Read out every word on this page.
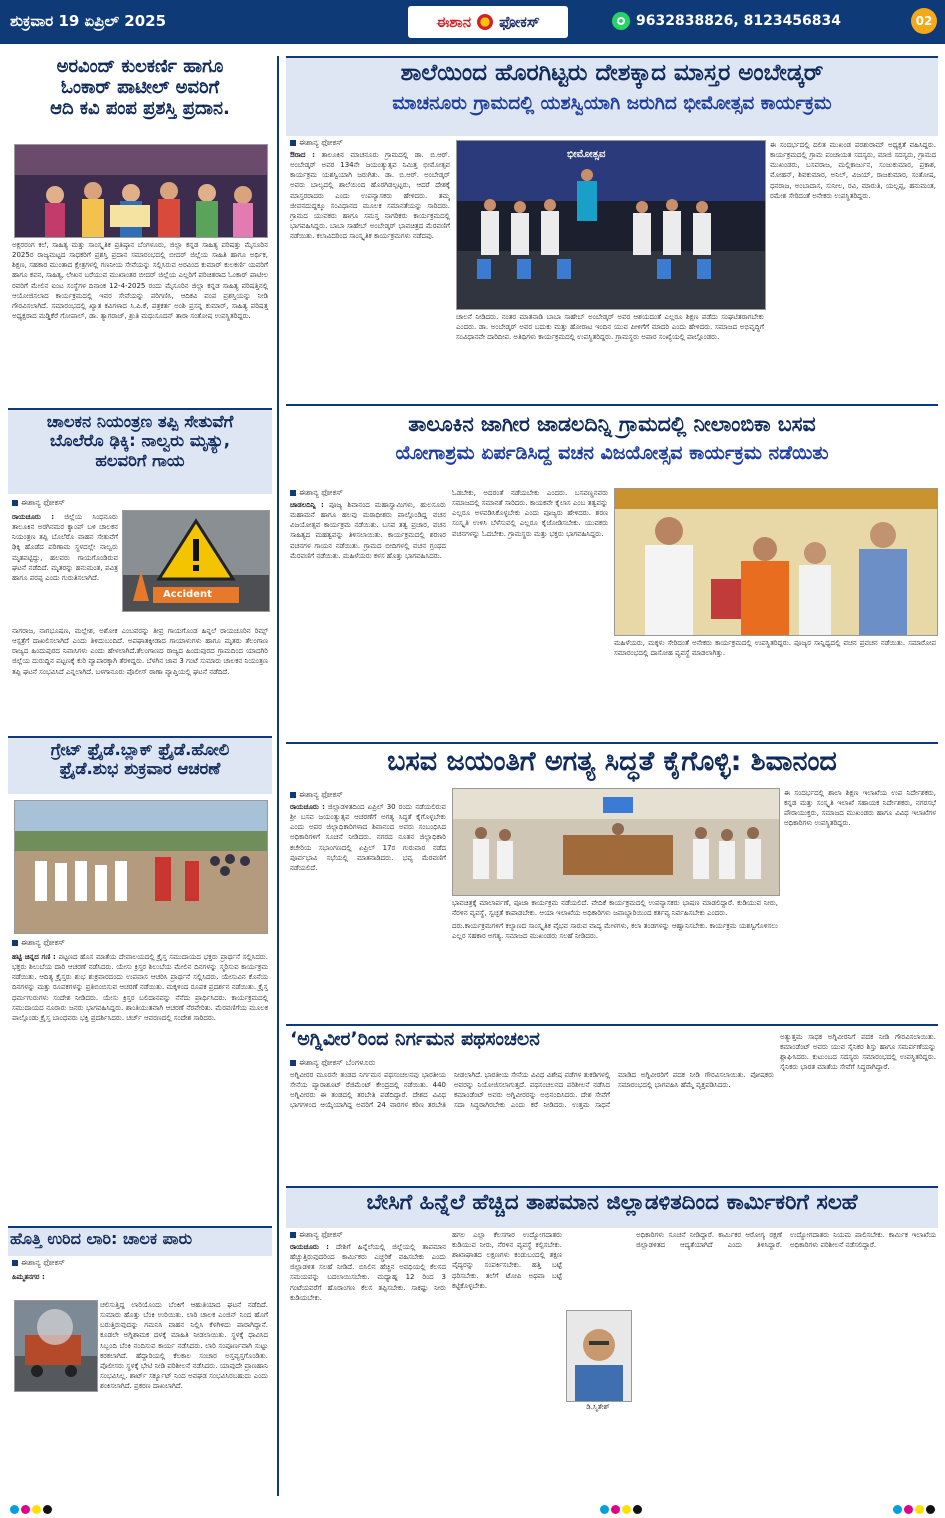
ಶುಕ್ರವಾರ 19 ಏಪ್ರಿಲ್ 2025	ಈಶಾನ ಫೋಕಸ್	9632838826, 8123456834	02
ಅರವಿಂದ್ ಕುಲಕರ್ಣಿ ಹಾಗೂ
ಓಂಕಾರ್ ಪಾಟೀಲ್ ಅವರಿಗೆ
ಆದಿ ಕವಿ ಪಂಪ ಪ್ರಶಸ್ತಿ ಪ್ರದಾನ.
ಅಕ್ಷರರಂಗ ಕಲೆ, ಸಾಹಿತ್ಯ ಮತ್ತು ಸಾಂಸ್ಕೃತಿಕ ಪ್ರತಿಷ್ಠಾನ ಬೆಂಗಳೂರು, ಜಿಲ್ಲಾ ಕನ್ನಡ ಸಾಹಿತ್ಯ ಪರಿಷತ್ತು ಮೈಸೂರಿನ 2025ರ ರಾಜ್ಯಮಟ್ಟದ ಸಾಧಕರಿಗೆ ಪ್ರಶಸ್ತಿ ಪ್ರದಾನ ಸಮಾರಂಭದಲ್ಲಿ ಬೀದರ್ ಜಿಲ್ಲೆಯ ಸಾಹಿತಿ ಹಾಗೂ ಅರ್ಥಿಕ, ಶಿಕ್ಷಣ, ಸಹಕಾರ ಮುಂತಾದ ಕ್ಷೇತ್ರಗಳಲ್ಲಿ ಗಣನೀಯ ಸೇವೆಯನ್ನು ಸಲ್ಲಿಸಿರುವ ಅರವಿಂದ ಕುಮಾರ್ ಕುಲಕರ್ಣಿ ಯವರಿಗೆ ಹಾಗೂ ಕವನ, ಸಾಹಿತ್ಯ, ಲೇಖನ ಬರೆಯುವ ಮುಖಾಂತರ ಬೀದರ್ ಜಿಲ್ಲೆಯ ಎಲ್ಲರಿಗೆ ಪರಿಚಿತರಾದ ಓಂಕಾರ್ ಪಾಟೀಲ ರವರಿಗೆ ಮೇಲಿನ ಐಂಟ ಸಂಸ್ಥೆಗಳ ದಿನಾಂಕ 12-4-2025 ರಂದು ಮೈಸೂರಿನ ಜಿಲ್ಲಾ ಕನ್ನಡ ಸಾಹಿತ್ಯ ಪರಿಷತ್ತಿನಲ್ಲಿ ಆಯೋಜಿಸಲಾದ ಕಾರ್ಯಕ್ರಮದಲ್ಲಿ ಇವರ ಸೇವೆಯನ್ನು ಪರಿಗಣಿಸಿ, ಆದಿಕವಿ ಪಂಪ ಪ್ರಶಸ್ತಿಯನ್ನು ನೀಡಿ ಗೌರವಿಸಲಾಗಿದೆ. ಸಮಾರಂಭದಲ್ಲಿ ಖ್ಯಾತ ಕವಿಗಳಾದ ಸಿ.ಪಿ.ಕೆ, ಪತ್ರಕರ್ತ ಅಂಶಿ ಪ್ರಸನ್ನ ಕುಮಾರ್, ಸಾಹಿತ್ಯ ಪರಿಷತ್ತ ಅಧ್ಯಕ್ಷರಾದ ಮಡ್ಡಿಕೆರೆ ಗೋಪಾಲ್, ಡಾ. ತ್ಯಾಗರಾಜ್, ಶ್ರುತಿ ಮಧುಸೂದನ್ ತಾರಾ ಸಂತೋಷ ಉಪಸ್ಥಿತರಿದ್ದರು.
ಚಾಲಕನ ನಿಯಂತ್ರಣ ತಪ್ಪಿ ಸೇತುವೆಗೆ
ಬೊಲೆರೊ ಢಿಕ್ಕಿ: ನಾಲ್ವರು ಮೃತ್ಯು,
ಹಲವರಿಗೆ ಗಾಯ
ಈಶಾನ್ಯ ಫೋಕಸ್
ರಾಯಚೂರು : ಜಿಲ್ಲೆಯ ಸಿಂಧನೂರು ತಾಲೂಕಿನ ಅರಗಿನಮರ ಕ್ಯಾಂಪ್ ಬಳಿ ಚಾಲಕನ ನಿಯಂತ್ರಣ ತಪ್ಪಿ ಬೊಲೆರೊ ವಾಹನ ಸೇತುವೆಗೆ ಢಿಕ್ಕಿ ಹೊಡೆದ ಪರಿಣಾಮ ಸ್ಥಳದಲ್ಲೇ ನಾಲ್ವರು ಮೃತಪಟ್ಟಿದ್ದು, ಹಲವರು ಗಾಯಗೊಂಡಿರುವ ಘಟನೆ ನಡೆದಿದೆ. ಮೃತರನ್ನು ಹನುಮಂತ, ಪವಿತ್ರ ಹಾಗೂ ಪರಪ್ಪ ಎಂದು ಗುರುತಿಸಲಾಗಿದೆ.
Accident
ನಾಗರಾಜ, ನಾಗಭೂಷಣ, ಮಲ್ಲೇಶ, ಅಶೋಕ ಎಂಬವರನ್ನು ತೀವ್ರ ಗಾಯಗೊಂಡ ಹಿನ್ನಲೆ ರಾಯಚೂರಿನ ರಿಮ್ಸ್ ಆಸ್ಪತ್ರೆಗೆ ದಾಖಲಿಸಲಾಗಿದೆ ಎಂದು ತಿಳಿದುಬಂದಿದೆ. ಅಪಘಾತಕ್ಕೀಡಾದ ಗಾಯಾಳುಗಳು ಹಾಗೂ ಮೃತರು ತೆಲಂಗಾಣ ರಾಜ್ಯದ ಹಿಂದುಪುರದ ನಿವಾಸಿಗಳು ಎಂದು ಹೇಳಲಾಗಿದೆ.ತೆಲಂಗಾಣದ ರಾಜ್ಯದ ಹಿಂದುಪುರದ ಗ್ರಾಮದಿಂದ ಯಾದಗಿರಿ ಜಿಲ್ಲೆಯ ದುರುದ್ದಿನ ಪಟ್ಟಣಕ್ಕೆ ಕುರಿ ವ್ಯಾಪಾರಕ್ಕಾಗಿ ತೆರಳಿದ್ದರು. ಬೆಳಗಿನ ಜಾವ 3 ಗಂಟೆ ಸುಮಾರು ಚಾಲಕನ ನಿಯಂತ್ರಣ ತಪ್ಪಿ ಘಟನೆ ಸಂಭವಿಸಿದೆ ಎನ್ನಲಾಗಿದೆ. ಬಳಗಾನೂರು ಪೊಲೀಸ್ ಠಾಣಾ ವ್ಯಾಪ್ತಿಯಲ್ಲಿ ಘಟನೆ ನಡೆದಿದೆ.
ಗ್ರೇಟ್ ಫ್ರೈಡೆ.ಬ್ಲಾಕ್ ಫ್ರೈಡೆ.ಹೋಲಿ
ಫ್ರೈಡೆ.ಶುಭ ಶುಕ್ರವಾರ ಆಚರಣೆ
ಈಶಾನ್ಯ ಫೋಕಸ್
ಹಟ್ಟಿ ಚಿನ್ನದ ಗಣಿ : ಪಟ್ಟಣದ ಹೊಸ ಮಾತೆಯ ದೇವಾಲಯದಲ್ಲಿ ಕ್ರೈಸ್ತ ಸಮುದಾಯದ ಭಕ್ತರು ಪ್ರಾರ್ಥನೆ ಸಲ್ಲಿಸಿದರು. ಭಕ್ತರು ಶಿಲುಬೆಯ ದಾರಿ ಆಚರಣೆ ನಡೆಸಿದರು. ಯೇಸು ಕ್ರಿಸ್ತರ ಶಿಲುಬೆಯ ಮೇಲಿನ ದಿನಗಳನ್ನು ಸ್ಮರಿಸುವ ಕಾರ್ಯಕ್ರಮ ನಡೆಯಿತು. ಆದಿತ್ಯ ಕ್ರೈಸ್ತರು ಶುಭ ಶುಕ್ರವಾರದಂದು ಉಪವಾಸ ಆಚರಿಸಿ ಪ್ರಾರ್ಥನೆ ಸಲ್ಲಿಸಿದರು. ಯೇಸುವಿನ ಕೊನೆಯ ದಿನಗಳನ್ನು ಮತ್ತು ರೂಪಕಗಳನ್ನು ಪ್ರತಿಬಿಂಬಿಸುವ ಆಚರಣೆ ನಡೆಯಿತು. ಮಕ್ಕಳಿಂದ ರೂಪಕ ಪ್ರದರ್ಶನ ನಡೆಯಿತು. ಕ್ರೈಸ್ತ ಧರ್ಮಗುರುಗಳು ಸಂದೇಶ ನೀಡಿದರು. ಯೇಸು ಕ್ರಿಸ್ತರ ಬಲಿದಾನವನ್ನು ನೆನೆದು ಪ್ರಾರ್ಥಿಸಿದರು. ಕಾರ್ಯಕ್ರಮದಲ್ಲಿ ಸಮುದಾಯದ ನೂರಾರು ಜನರು ಭಾಗವಹಿಸಿದ್ದರು. ಶಾಂತಿಯುತವಾಗಿ ಆಚರಣೆ ನೆರವೇರಿತು. ಮೆರವಣಿಗೆಯ ಮೂಲಕ ಪಾಲ್ಗೊಂಡು ಕ್ರೈಸ್ತ ಬಾಂಧವರು ಭಕ್ತಿ ಪ್ರದರ್ಶಿಸಿದರು. ಚರ್ಚ್ ಆವರಣದಲ್ಲಿ ಸಂದೇಶ ಸಾರಿದರು.
ಹೊತ್ತಿ ಉರಿದ ಲಾರಿ: ಚಾಲಕ ಪಾರು
ಈಶಾನ್ಯ ಫೋಕಸ್
ಹಿಮ್ಮತನಗರ :
ಚಲಿಸುತ್ತಿದ್ದ ಲಾರಿಯೊಂದು ಬೆಂಕಿಗೆ ಆಹುತಿಯಾದ ಘಟನೆ ನಡೆದಿದೆ. ಸುಮಾರು ಹೊತ್ತು ಬೆಂಕಿ ಉರಿಯಿತು. ಲಾರಿ ಚಾಲಕ ಎಂಜಿನ್ ನಿಂದ ಹೊಗೆ ಬರುತ್ತಿರುವುದನ್ನು ಗಮನಿಸಿ ವಾಹನ ನಿಲ್ಲಿಸಿ ಕೆಳಗಿಳಿದು ಪಾರಾಗಿದ್ದಾನೆ. ಕೂಡಲೇ ಅಗ್ನಿಶಾಮಕ ದಳಕ್ಕೆ ಮಾಹಿತಿ ನೀಡಲಾಯಿತು. ಸ್ಥಳಕ್ಕೆ ಧಾವಿಸಿದ ಸಿಬ್ಬಂದಿ ಬೆಂಕಿ ನಂದಿಸುವ ಕಾರ್ಯ ನಡೆಸಿದರು. ಲಾರಿ ಸಂಪೂರ್ಣವಾಗಿ ಸುಟ್ಟು ಕರಕಲಾಗಿದೆ. ಹೆದ್ದಾರಿಯಲ್ಲಿ ಕೆಲಕಾಲ ಸಂಚಾರ ಅಸ್ತವ್ಯಸ್ತಗೊಂಡಿತು. ಪೊಲೀಸರು ಸ್ಥಳಕ್ಕೆ ಭೇಟಿ ನೀಡಿ ಪರಿಶೀಲನೆ ನಡೆಸಿದರು. ಯಾವುದೇ ಪ್ರಾಣಹಾನಿ ಸಂಭವಿಸಿಲ್ಲ. ಶಾರ್ಟ್ ಸರ್ಕ್ಯೂಟ್ ನಿಂದ ಅವಘಡ ಸಂಭವಿಸಿರಬಹುದು ಎಂದು ಶಂಕಿಸಲಾಗಿದೆ. ಪ್ರಕರಣ ದಾಖಲಾಗಿದೆ.
ಶಾಲೆಯಿಂದ ಹೊರಗಿಟ್ಟರು ದೇಶಕ್ಕಾದ ಮಾಸ್ತರ ಅಂಬೇಡ್ಕರ್
ಮಾಚನೂರು ಗ್ರಾಮದಲ್ಲಿ ಯಶಸ್ವಿಯಾಗಿ ಜರುಗಿದ ಭೀಮೋತ್ಸವ ಕಾರ್ಯಕ್ರಮ
ಈಶಾನ್ಯ ಫೋಕಸ್
ಔರಾದ : ತಾಲೂಕಿನ ಮಾಚನೂರು ಗ್ರಾಮದಲ್ಲಿ ಡಾ. ಬಿ.ಆರ್. ಅಂಬೇಡ್ಕರ್ ಅವರ 134ನೇ ಜಯಂತ್ಯುತ್ಸವ ನಿಮಿತ್ತ ಭೀಮೋತ್ಸವ ಕಾರ್ಯಕ್ರಮ ಯಶಸ್ವಿಯಾಗಿ ಜರುಗಿತು. ಡಾ. ಬಿ.ಆರ್. ಅಂಬೇಡ್ಕರ್ ಅವರು ಬಾಲ್ಯದಲ್ಲಿ ಶಾಲೆಯಿಂದ ಹೊರಗಿಡಲ್ಪಟ್ಟರು, ಆದರೆ ದೇಶಕ್ಕೆ ಮಾಸ್ತರರಾದರು ಎಂದು ಉಪನ್ಯಾಸಕರು ಹೇಳಿದರು. ತಮ್ಮ ಜೀವನದುದ್ದಕ್ಕೂ ಸಂವಿಧಾನದ ಮೂಲಕ ಸಮಾನತೆಯನ್ನು ಸಾರಿದರು. ಗ್ರಾಮದ ಯುವಕರು ಹಾಗೂ ಸಮಸ್ತ ನಾಗರಿಕರು ಕಾರ್ಯಕ್ರಮದಲ್ಲಿ ಭಾಗವಹಿಸಿದ್ದರು. ಬಾಬಾ ಸಾಹೇಬ್ ಅಂಬೇಡ್ಕರ್ ಭಾವಚಿತ್ರದ ಮೆರವಣಿಗೆ ನಡೆಯಿತು. ಕಲಾವಿದರಿಂದ ಸಾಂಸ್ಕೃತಿಕ ಕಾರ್ಯಕ್ರಮಗಳು ನಡೆದವು.
ಭೀಮೋತ್ಸವ
ಚಾಲನೆ ನೀಡಿದರು. ನಂತರ ಮಾತನಾಡಿ ಬಾಬಾ ಸಾಹೇಬ್ ಅಂಬೇಡ್ಕರ್ ಅವರ ಆಶಯದಂತೆ ಎಲ್ಲರೂ ಶಿಕ್ಷಣ ಪಡೆದು ಸಂಘಟಿತರಾಗಬೇಕು ಎಂದರು. ಡಾ. ಅಂಬೇಡ್ಕರ್ ಅವರ ಬದುಕು ಮತ್ತು ಹೋರಾಟ ಇಂದಿನ ಯುವ ಪೀಳಿಗೆಗೆ ಮಾದರಿ ಎಂದು ಹೇಳಿದರು. ಸಮಾಜದ ಅಭಿವೃದ್ಧಿಗೆ ಸಂವಿಧಾನವೇ ದಾರಿದೀಪ. ಅತಿಥಿಗಳು ಕಾರ್ಯಕ್ರಮದಲ್ಲಿ ಉಪಸ್ಥಿತರಿದ್ದರು. ಗ್ರಾಮಸ್ಥರು ಅಪಾರ ಸಂಖ್ಯೆಯಲ್ಲಿ ಪಾಲ್ಗೊಂಡರು.
ಈ ಸಂದರ್ಭದಲ್ಲಿ ದಲಿತ ಮುಖಂಡ ಪರಶುರಾಮ್ ಅಧ್ಯಕ್ಷತೆ ವಹಿಸಿದ್ದರು. ಕಾರ್ಯಕ್ರಮದಲ್ಲಿ ಗ್ರಾಮ ಪಂಚಾಯತ ಸದಸ್ಯರು, ಮಾಜಿ ಸದಸ್ಯರು, ಗ್ರಾಮದ ಮುಖಂಡರು, ಬಸವರಾಜ, ಮಲ್ಲಿಕಾರ್ಜುನ, ಸಂಜುಕುಮಾರ, ಪ್ರಕಾಶ, ಮೋಹನ್, ಶಿವಕುಮಾರ, ಅನಿಲ್, ವಿಜಯ್, ರಾಜಕುಮಾರ, ಸಂತೋಷ, ಧನರಾಜ, ಅಂಬಾದಾಸ, ಸುನೀಲ, ರವಿ, ಮಾರುತಿ, ಯಲ್ಲಪ್ಪ, ಹನುಮಂತ, ರಮೇಶ ಸೇರಿದಂತೆ ಅನೇಕರು ಉಪಸ್ಥಿತರಿದ್ದರು.
ತಾಲೂಕಿನ ಜಾಗೀರ ಜಾಡಲದಿನ್ನಿ ಗ್ರಾಮದಲ್ಲಿ ನೀಲಾಂಬಿಕಾ ಬಸವ
ಯೋಗಾಶ್ರಮ ಏರ್ಪಡಿಸಿದ್ದ ವಚನ ವಿಜಯೋತ್ಸವ ಕಾರ್ಯಕ್ರಮ ನಡೆಯಿತು
ಈಶಾನ್ಯ ಫೋಕಸ್
ಚಾಡಲದಿನ್ನಿ : ಪೂಜ್ಯ ಶಿವಾನಂದ ಮಹಾಸ್ವಾಮಿಗಳು, ಹುಲಸೂರು ಮಹಾಮನೆ ಹಾಗೂ ಹಲವು ಮಠಾಧೀಶರು ಪಾಲ್ಗೊಂಡಿದ್ದ ವಚನ ವಿಜಯೋತ್ಸವ ಕಾರ್ಯಕ್ರಮ ನಡೆಯಿತು. ಬಸವ ತತ್ವ ಪ್ರಚಾರ, ವಚನ ಸಾಹಿತ್ಯದ ಮಹತ್ವವನ್ನು ತಿಳಿಸಲಾಯಿತು. ಕಾರ್ಯಕ್ರಮದಲ್ಲಿ ಶರಣರ ವಚನಗಳ ಗಾಯನ ನಡೆಯಿತು. ಗ್ರಾಮದ ಬೀದಿಗಳಲ್ಲಿ ವಚನ ಗ್ರಂಥದ ಮೆರವಣಿಗೆ ನಡೆಯಿತು. ಮಹಿಳೆಯರು ಕಳಸ ಹೊತ್ತು ಭಾಗವಹಿಸಿದರು.
ಓಡಬೇಕು, ಅದರಂತೆ ನಡೆಯಬೇಕು ಎಂದರು. ಬಸವಣ್ಣನವರು ಸಮಾಜದಲ್ಲಿ ಸಮಾನತೆ ಸಾರಿದರು. ಕಾಯಕವೇ ಕೈಲಾಸ ಎಂಬ ತತ್ವವನ್ನು ಎಲ್ಲರೂ ಅಳವಡಿಸಿಕೊಳ್ಳಬೇಕು ಎಂದು ಪೂಜ್ಯರು ಹೇಳಿದರು. ಶರಣ ಸಂಸ್ಕೃತಿ ಉಳಿಸಿ ಬೆಳೆಸುವಲ್ಲಿ ಎಲ್ಲರೂ ಕೈಜೋಡಿಸಬೇಕು. ಯುವಕರು ವಚನಗಳನ್ನು ಓದಬೇಕು. ಗ್ರಾಮಸ್ಥರು ಮತ್ತು ಭಕ್ತರು ಭಾಗವಹಿಸಿದ್ದರು.
ಮಹಿಳೆಯರು, ಮಕ್ಕಳು ಸೇರಿದಂತೆ ಅನೇಕರು ಕಾರ್ಯಕ್ರಮದಲ್ಲಿ ಉಪಸ್ಥಿತರಿದ್ದರು. ಪೂಜ್ಯರ ಸಾನ್ನಿಧ್ಯದಲ್ಲಿ ವಚನ ಪ್ರವಚನ ನಡೆಯಿತು. ಸಮಾರೋಪ ಸಮಾರಂಭದಲ್ಲಿ ದಾಸೋಹ ವ್ಯವಸ್ಥೆ ಮಾಡಲಾಗಿತ್ತು.
ಬಸವ ಜಯಂತಿಗೆ ಅಗತ್ಯ ಸಿದ್ಧತೆ ಕೈಗೊಳ್ಳಿ: ಶಿವಾನಂದ
ಈಶಾನ್ಯ ಫೋಕಸ್
ರಾಯಚೂರು : ಜಿಲ್ಲಾಡಳಿತದಿಂದ ಏಪ್ರಿಲ್ 30 ರಂದು ನಡೆಯಲಿರುವ ಶ್ರೀ ಬಸವ ಜಯಂತ್ಯುತ್ಸವ ಆಚರಣೆಗೆ ಅಗತ್ಯ ಸಿದ್ಧತೆ ಕೈಗೊಳ್ಳಬೇಕು ಎಂದು ಅಪರ ಜಿಲ್ಲಾಧಿಕಾರಿಗಳಾದ ಶಿವಾನಂದ ಅವರು ಸಂಬಂಧಿಸಿದ ಅಧಿಕಾರಿಗಳಿಗೆ ಸೂಚನೆ ನೀಡಿದರು. ನಗರದ ನೂತನ ಜಿಲ್ಲಾಧಿಕಾರಿ ಕಚೇರಿಯ ಸಭಾಂಗಣದಲ್ಲಿ ಏಪ್ರಿಲ್ 17ರ ಗುರುವಾರ ನಡೆದ ಪೂರ್ವಭಾವಿ ಸಭೆಯಲ್ಲಿ ಮಾತನಾಡಿದರು. ಭವ್ಯ ಮೆರವಣಿಗೆ ನಡೆಯಲಿದೆ.
ಭಾವಚಿತ್ರಕ್ಕೆ ಮಾಲಾರ್ಪಣೆ, ಪೂಜಾ ಕಾರ್ಯಕ್ರಮ ನಡೆಯಲಿದೆ. ವೇದಿಕೆ ಕಾರ್ಯಕ್ರಮದಲ್ಲಿ ಉಪನ್ಯಾಸಕರು ಭಾಷಣ ಮಾಡಲಿದ್ದಾರೆ. ಕುಡಿಯುವ ನೀರು, ನೆರಳಿನ ವ್ಯವಸ್ಥೆ, ಸ್ವಚ್ಛತೆ ಕಾಪಾಡಬೇಕು. ಆಯಾ ಇಲಾಖೆಯ ಅಧಿಕಾರಿಗಳು ಜವಾಬ್ದಾರಿಯಿಂದ ಕರ್ತವ್ಯ ನಿರ್ವಹಿಸಬೇಕು ಎಂದರು.
ದರು.ಕಾರ್ಯಕ್ರಮಗಳಿಗೆ ಕಲ್ಯಾಣದ ಸಾಂಸ್ಕೃತಿಕ ವೈಭವ ಸಾರುವ ವಾದ್ಯ ಮೇಳಗಳು, ಕಲಾ ತಂಡಗಳನ್ನು ಆಹ್ವಾನಿಸಬೇಕು. ಕಾರ್ಯಕ್ರಮ ಯಶಸ್ವಿಗೊಳಿಸಲು ಎಲ್ಲರ ಸಹಕಾರ ಅಗತ್ಯ. ಸಮಾಜದ ಮುಖಂಡರು ಸಲಹೆ ನೀಡಿದರು.
ಈ ಸಂದರ್ಭದಲ್ಲಿ ಶಾಲಾ ಶಿಕ್ಷಣ ಇಲಾಖೆಯ ಉಪ ನಿರ್ದೇಶಕರು, ಕನ್ನಡ ಮತ್ತು ಸಂಸ್ಕೃತಿ ಇಲಾಖೆ ಸಹಾಯಕ ನಿರ್ದೇಶಕರು, ನಗರಸಭೆ ಪೌರಾಯುಕ್ತರು, ಸಮಾಜದ ಮುಖಂಡರು ಹಾಗೂ ವಿವಿಧ ಇಲಾಖೆಗಳ ಅಧಿಕಾರಿಗಳು ಉಪಸ್ಥಿತರಿದ್ದರು.
‘ಅಗ್ನಿವೀರ’ರಿಂದ ನಿರ್ಗಮನ ಪಥಸಂಚಲನ
ಈಶಾನ್ಯ ಫೋಕಸ್ ಬೆಂಗಳೂರು
ಅಗ್ನಿವೀರರ ಮೂರನೇ ತಂಡದ ನಿರ್ಗಮನ ಪಥಸಂಚಲನವು ಭಾರತೀಯ ಸೇನೆಯ ಪ್ಯಾರಾಶೂಟ್ ರೆಜಿಮೆಂಟ್ ಕೇಂದ್ರದಲ್ಲಿ ನಡೆಯಿತು. 440 ಅಗ್ನಿವೀರರು ಈ ತಂಡದಲ್ಲಿ ತರಬೇತಿ ಪಡೆದಿದ್ದಾರೆ. ದೇಶದ ವಿವಿಧ ಭಾಗಗಳಿಂದ ಆಯ್ಕೆಯಾಗಿದ್ದ ಅವರಿಗೆ 24 ವಾರಗಳ ಕಠಿಣ ತರಬೇತಿ ನೀಡಲಾಗಿದೆ. ಭಾರತೀಯ ಸೇನೆಯ ವಿವಿಧ ವಿಶೇಷ ಪಡೆಗಳ ತುಕಡಿಗಳಲ್ಲಿ ಅವರನ್ನು ನಿಯೋಜಿಸಲಾಗುತ್ತದೆ. ಪಥಸಂಚಲನದ ಪರಿಶೀಲನೆ ನಡೆಸಿದ ಕಮಾಂಡೆಂಟ್ ಅವರು ಅಗ್ನಿವೀರರನ್ನು ಅಭಿನಂದಿಸಿದರು. ದೇಶ ಸೇವೆಗೆ ಸದಾ ಸಿದ್ಧರಾಗಿರಬೇಕು ಎಂದು ಕರೆ ನೀಡಿದರು. ಉತ್ತಮ ಸಾಧನೆ ಮಾಡಿದ ಅಗ್ನಿವೀರರಿಗೆ ಪದಕ ನೀಡಿ ಗೌರವಿಸಲಾಯಿತು. ಪೋಷಕರು ಸಮಾರಂಭದಲ್ಲಿ ಭಾಗವಹಿಸಿ ಹೆಮ್ಮೆ ವ್ಯಕ್ತಪಡಿಸಿದರು.
ಅತ್ಯುತ್ತಮ ಸಾಧಕ ಅಗ್ನಿವೀರನಿಗೆ ಪದಕ ನೀಡಿ ಗೌರವಿಸಲಾಯಿತು. ಕಮಾಂಡೆಂಟ್ ಅವರು ಯುವ ಸೈನಿಕರ ಶಿಸ್ತು ಹಾಗೂ ಸಮರ್ಪಣೆಯನ್ನು ಶ್ಲಾಘಿಸಿದರು. ಕುಟುಂಬದ ಸದಸ್ಯರು ಸಮಾರಂಭದಲ್ಲಿ ಉಪಸ್ಥಿತರಿದ್ದರು. ಸೈನಿಕರು ಭಾರತ ಮಾತೆಯ ಸೇವೆಗೆ ಸಿದ್ಧರಾಗಿದ್ದಾರೆ.
ಬೇಸಿಗೆ ಹಿನ್ನೆಲೆ ಹೆಚ್ಚಿದ ತಾಪಮಾನ ಜಿಲ್ಲಾಡಳಿತದಿಂದ ಕಾರ್ಮಿಕರಿಗೆ ಸಲಹೆ
ಈಶಾನ್ಯ ಫೋಕಸ್
ರಾಯಚೂರು : ದೇಶಿಗೆ ಹಿನ್ನೆಲೆಯಲ್ಲಿ ಜಿಲ್ಲೆಯಲ್ಲಿ ತಾಪಮಾನ ಹೆಚ್ಚುತ್ತಿರುವುದರಿಂದ ಕಾರ್ಮಿಕರು ಎಚ್ಚರಿಕೆ ವಹಿಸಬೇಕು ಎಂದು ಜಿಲ್ಲಾಡಳಿತ ಸಲಹೆ ನೀಡಿದೆ. ಬಿಸಿಲಿನ ಹೆಚ್ಚಿನ ಅವಧಿಯಲ್ಲಿ ಕೆಲಸದ ಸಮಯವನ್ನು ಬದಲಾಯಿಸಬೇಕು. ಮಧ್ಯಾಹ್ನ 12 ರಿಂದ 3 ಗಂಟೆಯವರೆಗೆ ಹೊರಾಂಗಣ ಕೆಲಸ ತಪ್ಪಿಸಬೇಕು. ಸಾಕಷ್ಟು ನೀರು ಕುಡಿಯಬೇಕು.
ಹಗಲ ಎಲ್ಲಾ ಕೆಲಸಗಾರ ಉದ್ಯೋಗದಾತರು ಕುಡಿಯುವ ನೀರು, ನೆರಳಿನ ವ್ಯವಸ್ಥೆ ಕಲ್ಪಿಸಬೇಕು. ಶಾಖಾಘಾತದ ಲಕ್ಷಣಗಳು ಕಂಡುಬಂದಲ್ಲಿ ತಕ್ಷಣ ವೈದ್ಯರನ್ನು ಸಂಪರ್ಕಿಸಬೇಕು. ಹತ್ತಿ ಬಟ್ಟೆ ಧರಿಸಬೇಕು. ತಲೆಗೆ ಟೋಪಿ ಅಥವಾ ಬಟ್ಟೆ ಕಟ್ಟಿಕೊಳ್ಳಬೇಕು.
ಡಿ.ಸ್ಮಿತೇಶ್
ಅಧಿಕಾರಿಗಳು ಸೂಚನೆ ನೀಡಿದ್ದಾರೆ. ಕಾರ್ಮಿಕರ ಆರೋಗ್ಯ ರಕ್ಷಣೆ ಜಿಲ್ಲಾಡಳಿತದ ಆದ್ಯತೆಯಾಗಿದೆ ಎಂದು ತಿಳಿಸಿದ್ದಾರೆ. ಉದ್ಯೋಗದಾತರು ನಿಯಮ ಪಾಲಿಸಬೇಕು. ಕಾರ್ಮಿಕ ಇಲಾಖೆಯ ಅಧಿಕಾರಿಗಳು ಪರಿಶೀಲನೆ ನಡೆಸಲಿದ್ದಾರೆ.
